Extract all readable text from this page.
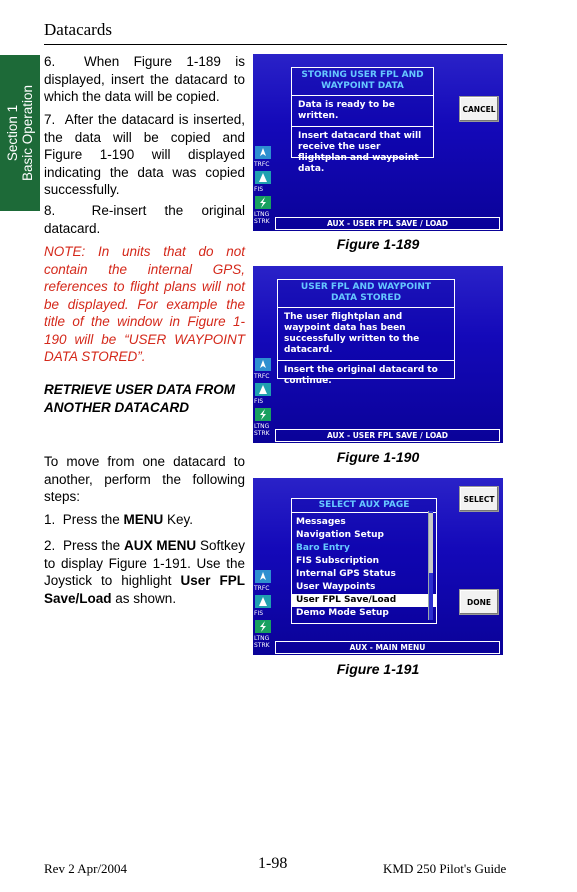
Datacards
Section 1 Basic Operation
6.  When Figure 1-189 is displayed, insert the datacard to which the data will be copied.
7.  After the datacard is inserted, the data will be copied and Figure 1-190 will displayed indicating the data was copied successfully.
8.  Re-insert the original datacard.
NOTE: In units that do not contain the internal GPS, references to flight plans will not be displayed. For example the title of the window in Figure 1-190 will be “USER WAYPOINT DATA STORED”.
RETRIEVE USER DATA FROM ANOTHER DATACARD
To move from one datacard to another, perform the following steps:
1.  Press the MENU Key.
2.  Press the AUX MENU Softkey to display Figure 1-191. Use the Joystick to highlight User FPL Save/Load as shown.
STORING USER FPL AND
WAYPOINT DATA
Data is ready to be written.
Insert datacard that will receive the user flightplan and waypoint data.
CANCEL
TRFC
FIS
LTNG
STRK	AUX - USER FPL SAVE / LOAD
Figure 1-189
USER FPL AND WAYPOINT
DATA STORED
The user flightplan and waypoint data has been successfully written to the datacard.
Insert the original datacard to continue.
TRFC
FIS
LTNG
STRK	AUX - USER FPL SAVE / LOAD
Figure 1-190
SELECT AUX PAGE
Messages
Navigation Setup
Baro Entry
FIS Subscription
Internal GPS Status
User Waypoints
User FPL Save/Load
Demo Mode Setup
SELECT
DONE
TRFC
FIS
LTNG
STRK	AUX - MAIN MENU
Figure 1-191
Rev 2 Apr/2004	1-98	KMD 250 Pilot's Guide
